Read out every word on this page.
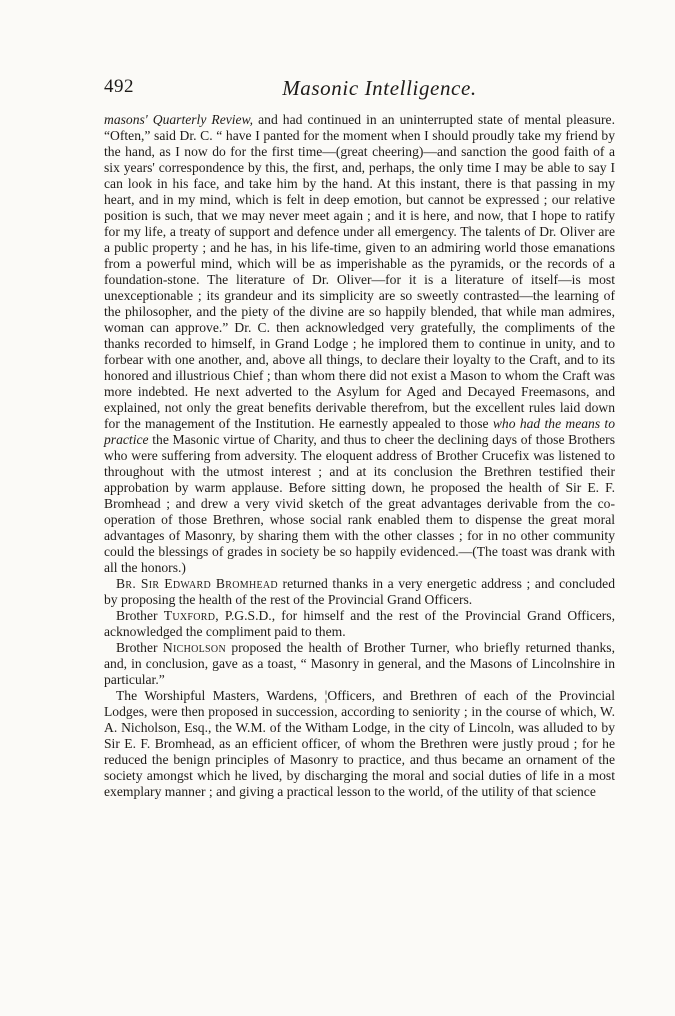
492	Masonic Intelligence.

masons' Quarterly Review, and had continued in an uninterrupted state of mental pleasure. “Often,” said Dr. C. “ have I panted for the moment when I should proudly take my friend by the hand, as I now do for the first time—(great cheering)—and sanction the good faith of a six years' correspondence by this, the first, and, perhaps, the only time I may be able to say I can look in his face, and take him by the hand. At this instant, there is that passing in my heart, and in my mind, which is felt in deep emotion, but cannot be expressed ; our relative position is such, that we may never meet again ; and it is here, and now, that I hope to ratify for my life, a treaty of support and defence under all emergency. The talents of Dr. Oliver are a public property ; and he has, in his life-time, given to an admiring world those emanations from a powerful mind, which will be as imperishable as the pyramids, or the records of a foundation-stone. The literature of Dr. Oliver—for it is a literature of itself—is most unexceptionable ; its grandeur and its simplicity are so sweetly contrasted—the learning of the philosopher, and the piety of the divine are so happily blended, that while man admires, woman can approve.” Dr. C. then acknowledged very gratefully, the compliments of the thanks recorded to himself, in Grand Lodge ; he implored them to continue in unity, and to forbear with one another, and, above all things, to declare their loyalty to the Craft, and to its honored and illustrious Chief ; than whom there did not exist a Mason to whom the Craft was more indebted. He next adverted to the Asylum for Aged and Decayed Freemasons, and explained, not only the great benefits derivable therefrom, but the excellent rules laid down for the management of the Institution. He earnestly appealed to those who had the means to practice the Masonic virtue of Charity, and thus to cheer the declining days of those Brothers who were suffering from adversity. The eloquent address of Brother Crucefix was listened to throughout with the utmost interest ; and at its conclusion the Brethren testified their approbation by warm applause. Before sitting down, he proposed the health of Sir E. F. Bromhead ; and drew a very vivid sketch of the great advantages derivable from the co-operation of those Brethren, whose social rank enabled them to dispense the great moral advantages of Masonry, by sharing them with the other classes ; for in no other community could the blessings of grades in society be so happily evidenced.—(The toast was drank with all the honors.)

Br. Sir Edward Bromhead returned thanks in a very energetic address ; and concluded by proposing the health of the rest of the Provincial Grand Officers.

Brother Tuxford, P.G.S.D., for himself and the rest of the Provincial Grand Officers, acknowledged the compliment paid to them.

Brother Nicholson proposed the health of Brother Turner, who briefly returned thanks, and, in conclusion, gave as a toast, “ Masonry in general, and the Masons of Lincolnshire in particular.”

The Worshipful Masters, Wardens, ¦Officers, and Brethren of each of the Provincial Lodges, were then proposed in succession, according to seniority ; in the course of which, W. A. Nicholson, Esq., the W.M. of the Witham Lodge, in the city of Lincoln, was alluded to by Sir E. F. Bromhead, as an efficient officer, of whom the Brethren were justly proud ; for he reduced the benign principles of Masonry to practice, and thus became an ornament of the society amongst which he lived, by discharging the moral and social duties of life in a most exemplary manner ; and giving a practical lesson to the world, of the utility of that science
